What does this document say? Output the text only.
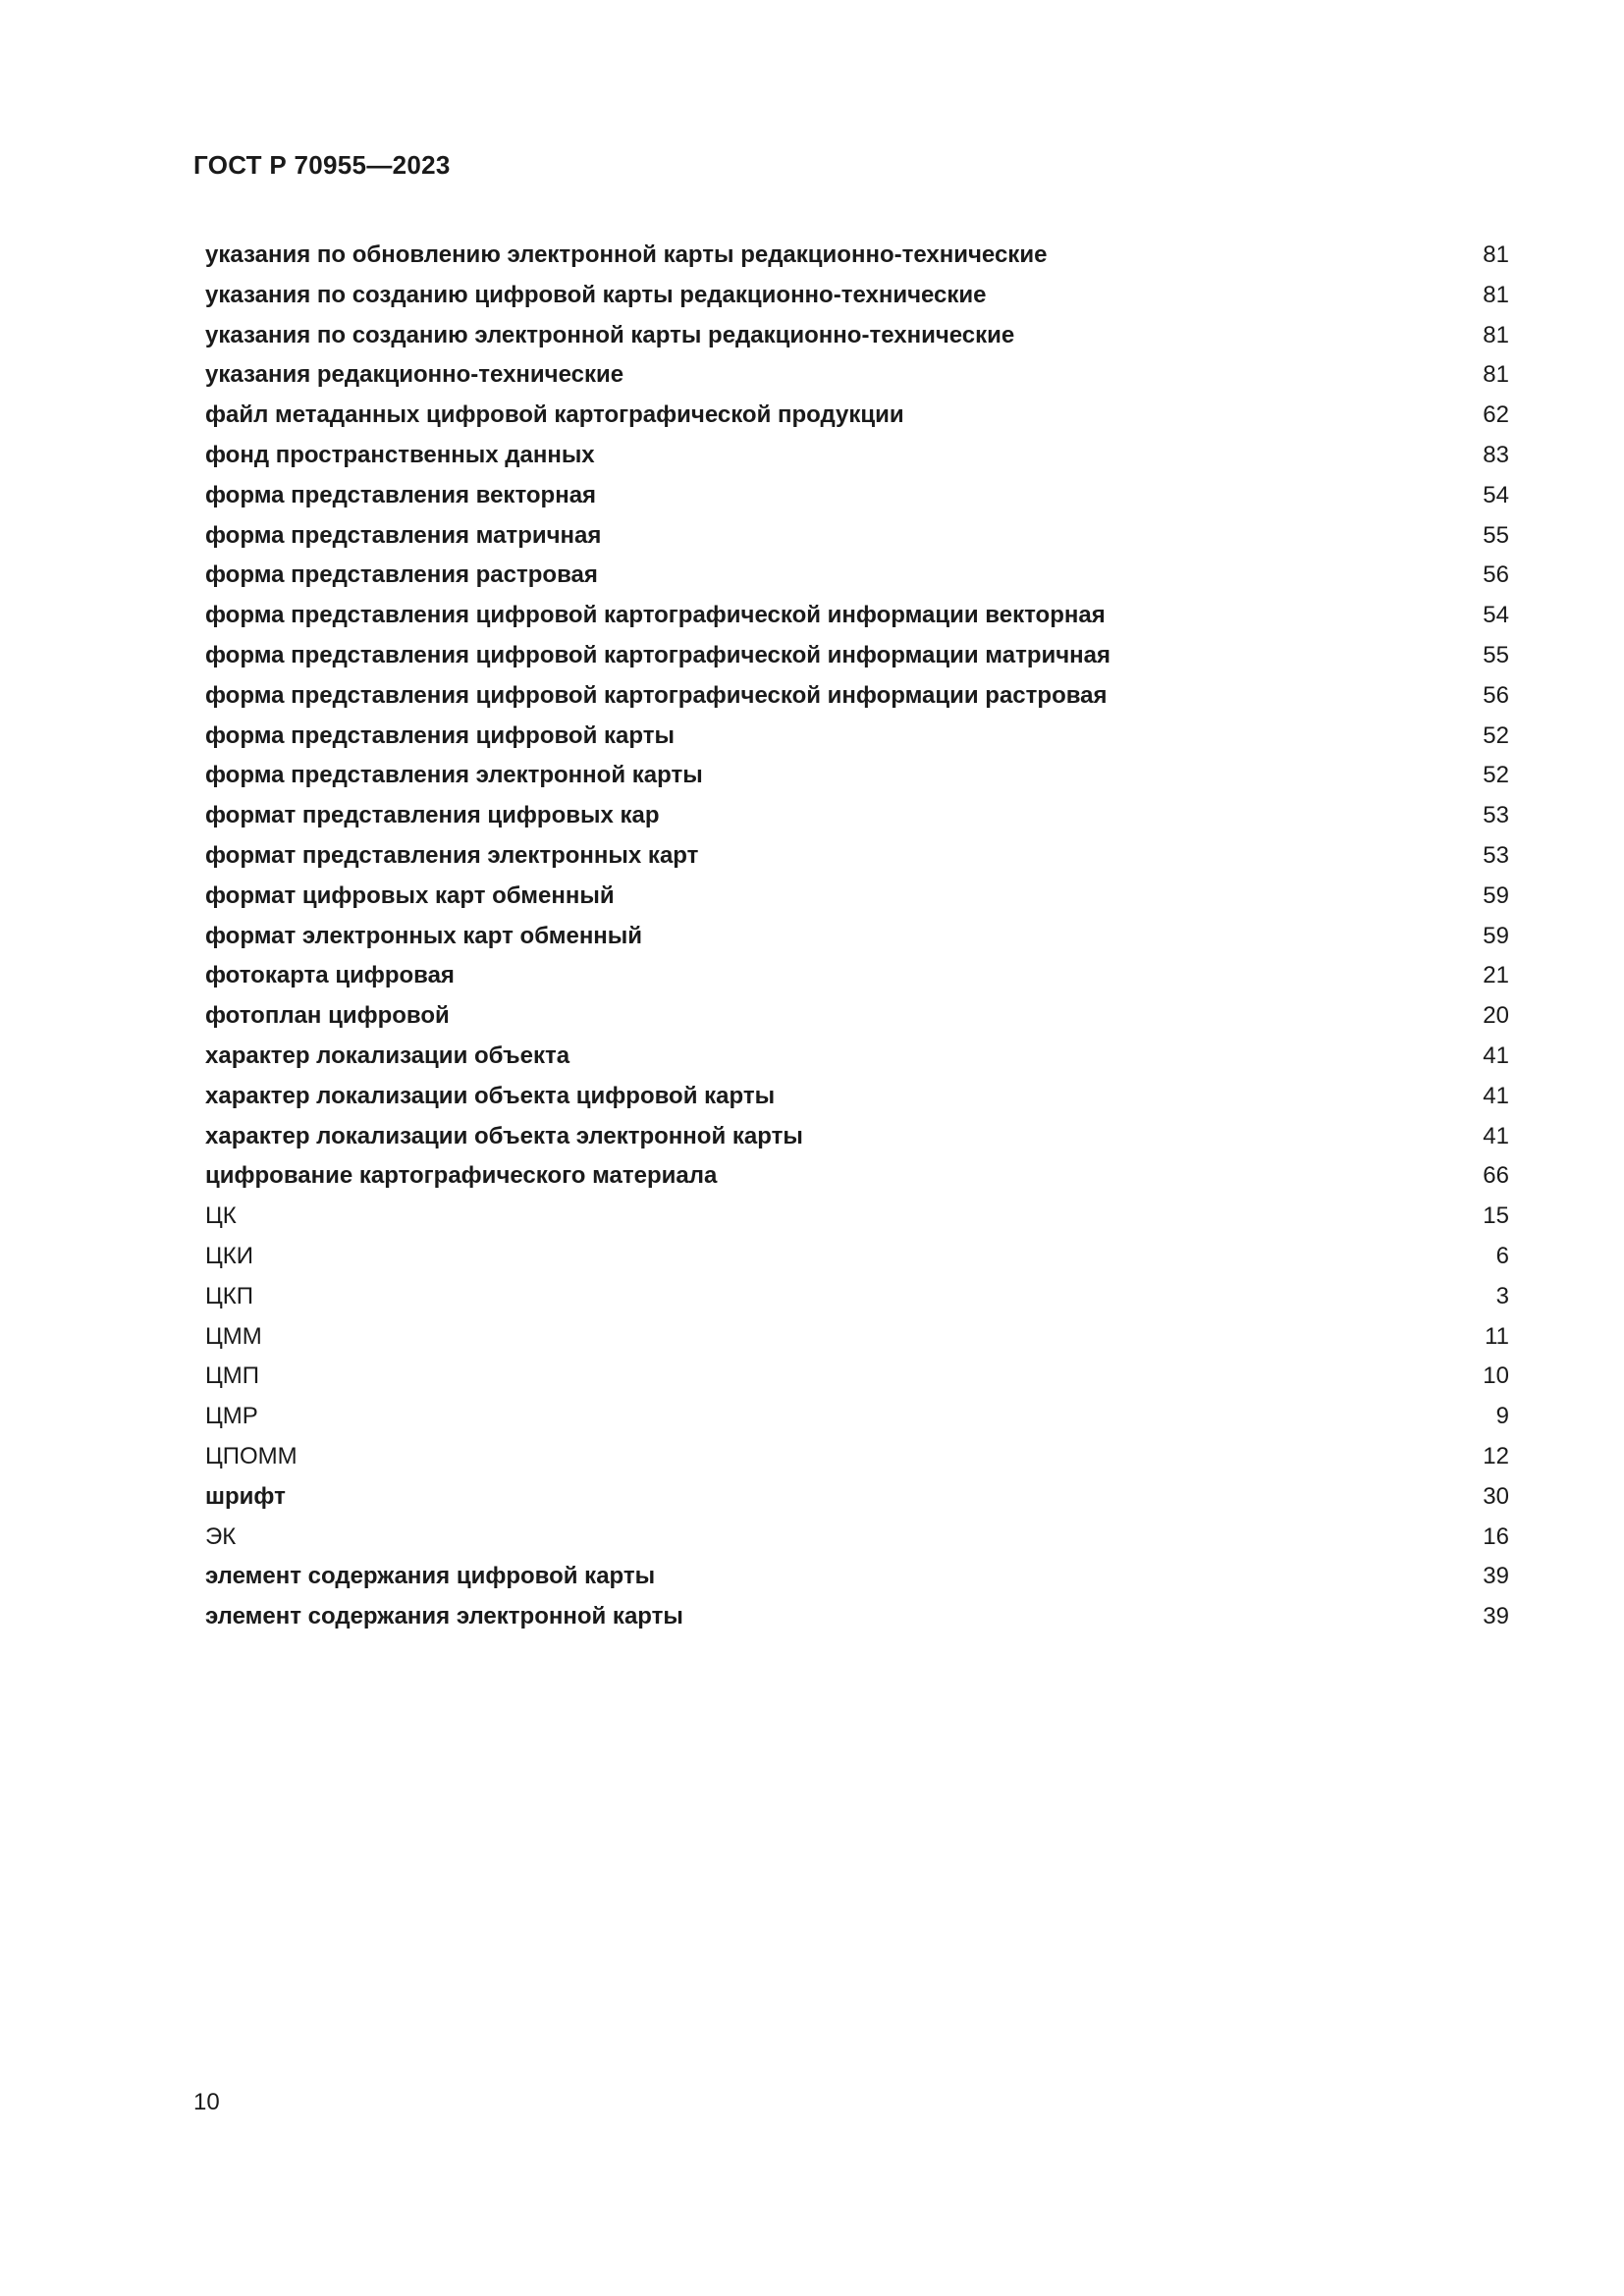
ГОСТ Р 70955—2023
указания по обновлению электронной карты редакционно-технические	81
указания по созданию цифровой карты редакционно-технические	81
указания по созданию электронной карты редакционно-технические	81
указания редакционно-технические	81
файл метаданных цифровой картографической продукции	62
фонд пространственных данных	83
форма представления векторная	54
форма представления матричная	55
форма представления растровая	56
форма представления цифровой картографической информации векторная	54
форма представления цифровой картографической информации матричная	55
форма представления цифровой картографической информации растровая	56
форма представления цифровой карты	52
форма представления электронной карты	52
формат представления цифровых кар	53
формат представления электронных карт	53
формат цифровых карт обменный	59
формат электронных карт обменный	59
фотокарта цифровая	21
фотоплан цифровой	20
характер локализации объекта	41
характер локализации объекта цифровой карты	41
характер локализации объекта электронной карты	41
цифрование картографического материала	66
ЦК	15
ЦКИ	6
ЦКП	3
ЦММ	11
ЦМП	10
ЦМР	9
ЦПОММ	12
шрифт	30
ЭК	16
элемент содержания цифровой карты	39
элемент содержания электронной карты	39

10
